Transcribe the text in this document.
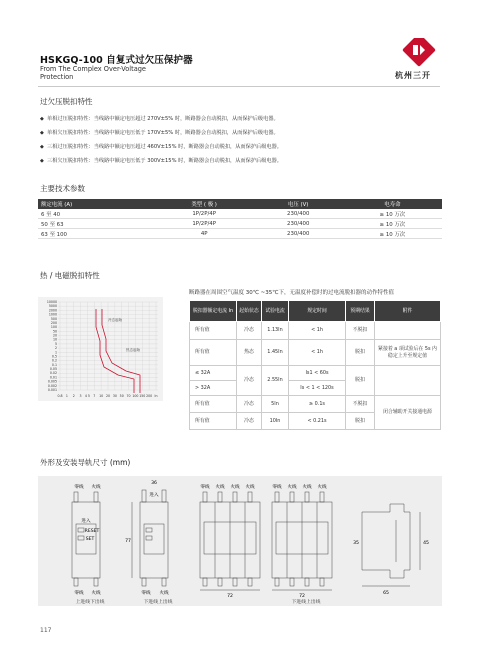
HSKGQ-100 自复式过欠压保护器
From The Complex Over-Voltage Protection	杭州三开
过欠压脱扣特性
◆ 单相过压脱扣特性：当线路中额定电压超过 270V±5% 时，断路器会自动脱扣，从而保护后级电器。
◆ 单相欠压脱扣特性：当线路中额定电压低于 170V±5% 时，断路器会自动脱扣，从而保护后级电器。
◆ 三相过压脱扣特性：当线路中额定电压超过 460V±15% 时，断路器会自动脱扣，从而保护后级电器。
◆ 三相欠压脱扣特性：当线路中额定电压低于 300V±15% 时，断路器会自动脱扣，从而保护后级电器。
主要技术参数
额定电流 (A)	类型 ( 极 )	电压 (V)	电寿命
6 至 40	1P/2P/4P	230/400	≥ 10 万次
50 至 63	1P/2P/4P	230/400	≥ 10 万次
63 至 100	4P	230/400	≥ 10 万次
热 / 电磁脱扣特性
10000
5000
2000
1000
500
200
100
50
20
10
5
2
1
0.5
0.2
0.1
0.05
0.02
0.01
0.005
0.002
0.001
0.8 1 2 3 4 5 7 10 20 30 50 70 100 150 200 In
冷态起始
热态起始
断路器在周围空气温度 30℃ ~35℃下，无温度补偿时的过电流脱扣器的动作特性值
脱扣器额定电流 In	起始状态	试验电流	规定时间	预期结果	附件
所有值	冷态	1.13In	< 1h	不脱扣	
所有值	热态	1.45In	< 1h	脱扣	紧接着 a 项试验后在 5s 内稳定上升至规定值
≤ 32A	冷态	2.55In	Is1 < 60s	脱扣	
> 32A			Is < 1 < 120s		
所有值	冷态	5In	≥ 0.1s	不脱扣	闭合辅助开关接通电源
所有值	冷态	10In	< 0.21s	脱扣	
外形及安装导轨尺寸 (mm)
零线 火线
进入
RESET
SET
零线 火线
36
进入
77
零线 火线
零线 火线 火线 火线
72
零线 火线 火线 火线
72
65
45
35
上进线下出线	下进线上出线	下进线上出线
117
